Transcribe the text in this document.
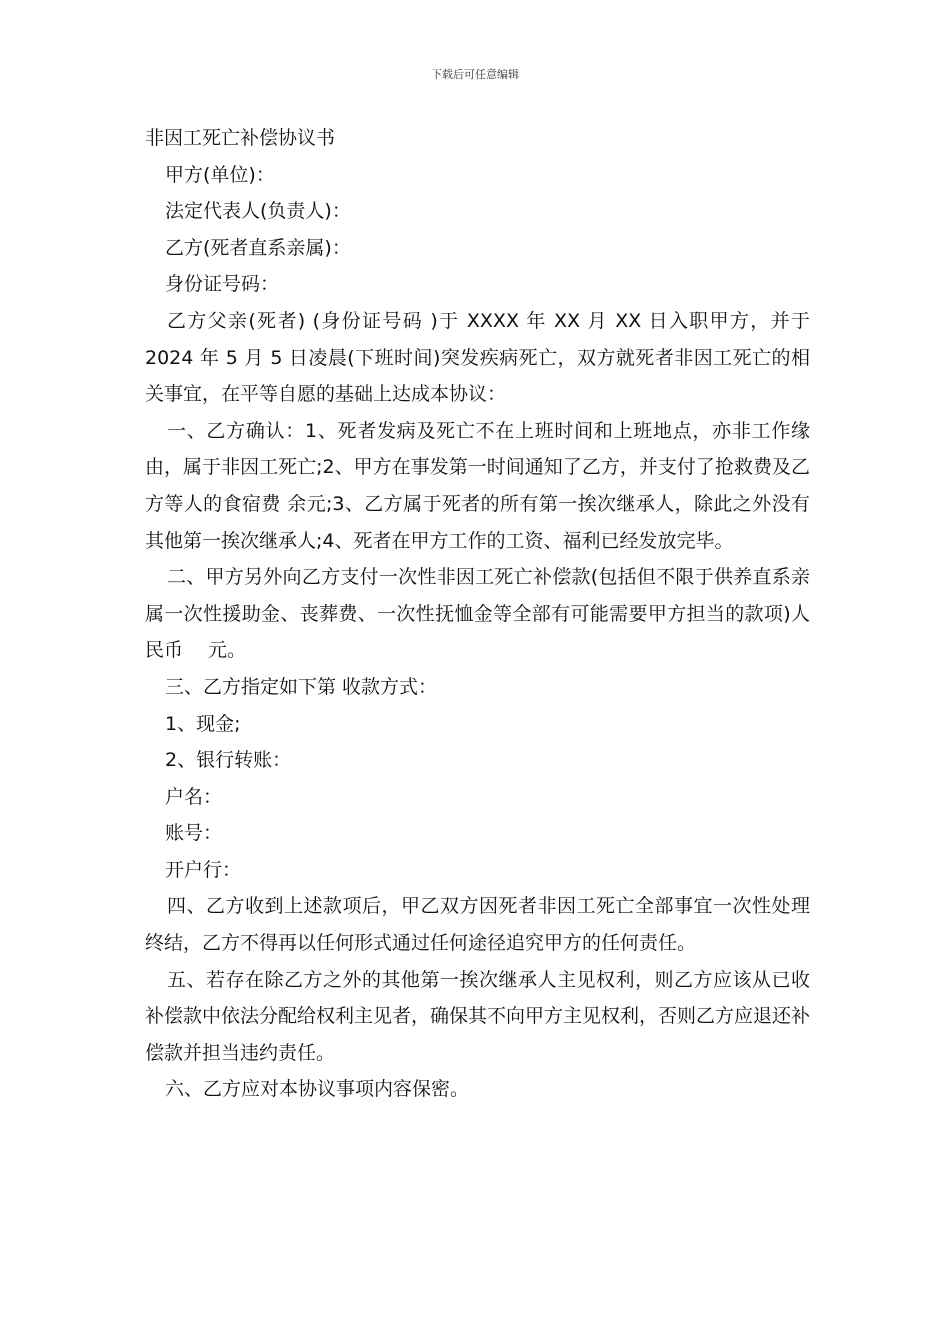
下载后可任意编辑
非因工死亡补偿协议书
甲方(单位)：
法定代表人(负责人)：
乙方(死者直系亲属)：
身份证号码：
乙方父亲(死者) (身份证号码 )于 XXXX 年 XX 月 XX 日入职甲方，并于 2024 年 5 月 5 日凌晨(下班时间)突发疾病死亡，双方就死者非因工死亡的相关事宜，在平等自愿的基础上达成本协议：
一、乙方确认：1、死者发病及死亡不在上班时间和上班地点，亦非工作缘由，属于非因工死亡;2、甲方在事发第一时间通知了乙方，并支付了抢救费及乙方等人的食宿费 余元;3、乙方属于死者的所有第一挨次继承人，除此之外没有其他第一挨次继承人;4、死者在甲方工作的工资、福利已经发放完毕。
二、甲方另外向乙方支付一次性非因工死亡补偿款(包括但不限于供养直系亲属一次性援助金、丧葬费、一次性抚恤金等全部有可能需要甲方担当的款项)人民币　 元。
三、乙方指定如下第 收款方式：
1、现金;
2、银行转账：
户名：
账号：
开户行：
四、乙方收到上述款项后，甲乙双方因死者非因工死亡全部事宜一次性处理终结，乙方不得再以任何形式通过任何途径追究甲方的任何责任。
五、若存在除乙方之外的其他第一挨次继承人主见权利，则乙方应该从已收补偿款中依法分配给权利主见者，确保其不向甲方主见权利，否则乙方应退还补偿款并担当违约责任。
六、乙方应对本协议事项内容保密。
